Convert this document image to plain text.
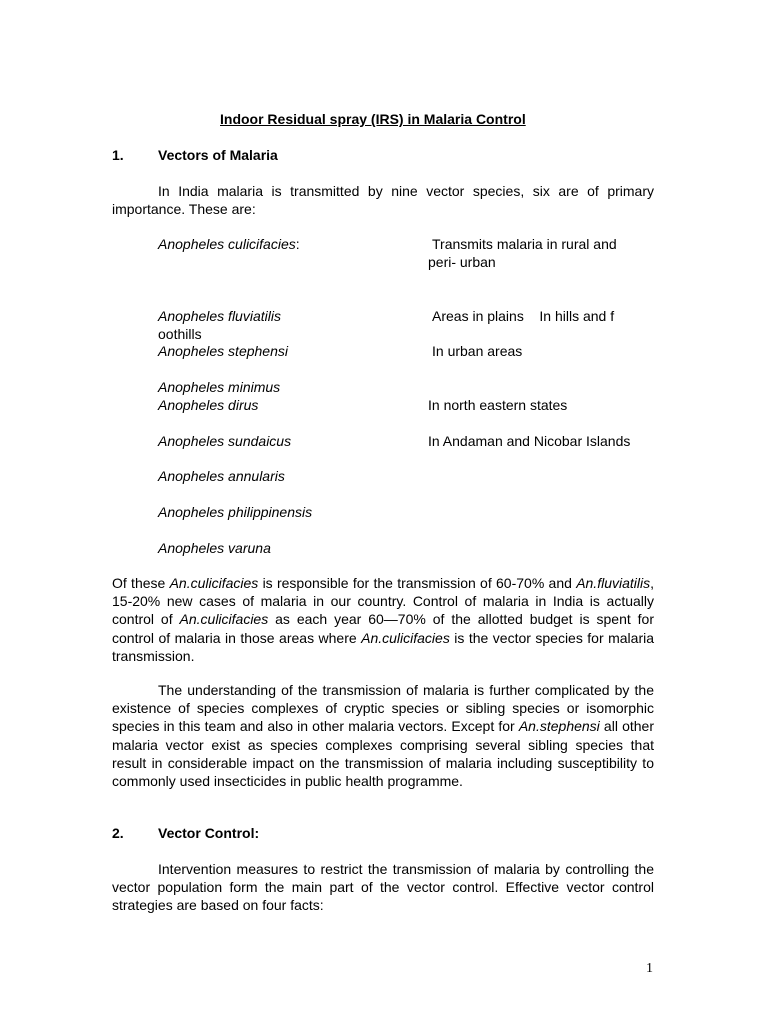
Indoor Residual spray (IRS) in Malaria Control
1. Vectors of Malaria

In India malaria is transmitted by nine vector species, six are of primary importance. These are:

Anopheles culicifacies:	Transmits malaria in rural and
peri- urban
Anopheles fluviatilis	Areas in plains    In hills and f
oothills
Anopheles stephensi	In urban areas
Anopheles minimus
Anopheles dirus	In north eastern states
Anopheles sundaicus	In Andaman and Nicobar Islands
Anopheles annularis
Anopheles philippinensis
Anopheles varuna

Of these An.culicifacies is responsible for the transmission of 60-70% and An.fluviatilis, 15-20% new cases of malaria in our country. Control of malaria in India is actually control of An.culicifacies as each year 60—70% of the allotted budget is spent for control of malaria in those areas where An.culicifacies is the vector species for malaria transmission.

The understanding of the transmission of malaria is further complicated by the existence of species complexes of cryptic species or sibling species or isomorphic species in this team and also in other malaria vectors. Except for An.stephensi all other malaria vector exist as species complexes comprising several sibling species that result in considerable impact on the transmission of malaria including susceptibility to commonly used insecticides in public health programme.

2. Vector Control:

Intervention measures to restrict the transmission of malaria by controlling the vector population form the main part of the vector control. Effective vector control strategies are based on four facts:

1
